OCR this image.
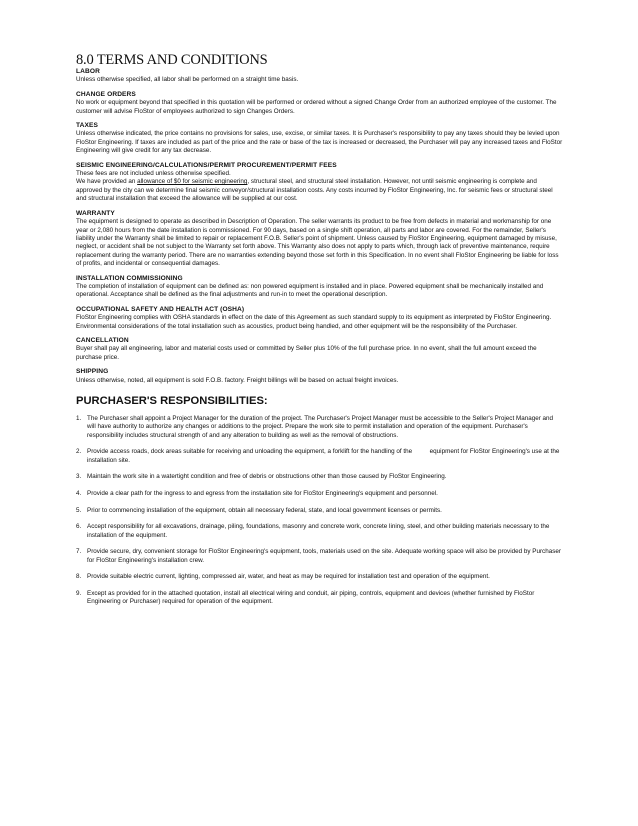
8.0 TERMS AND CONDITIONS

LABOR

Unless otherwise specified, all labor shall be performed on a straight time basis.

CHANGE ORDERS

No work or equipment beyond that specified in this quotation will be performed or ordered without a signed Change Order from an authorized employee of the customer. The customer will advise FloStor of employees authorized to sign Changes Orders.

TAXES

Unless otherwise indicated, the price contains no provisions for sales, use, excise, or similar taxes. It is Purchaser's responsibility to pay any taxes should they be levied upon FloStor Engineering. If taxes are included as part of the price and the rate or base of the tax is increased or decreased, the Purchaser will pay any increased taxes and FloStor Engineering will give credit for any tax decrease.

SEISMIC ENGINEERING/CALCULATIONS/PERMIT PROCUREMENT/PERMIT FEES

These fees are not included unless otherwise specified.
We have provided an allowance of $0 for seismic engineering, structural steel, and structural steel installation. However, not until seismic engineering is complete and approved by the city can we determine final seismic conveyor/structural installation costs. Any costs incurred by FloStor Engineering, Inc. for seismic fees or structural steel and structural installation that exceed the allowance will be supplied at our cost.

WARRANTY

The equipment is designed to operate as described in Description of Operation. The seller warrants its product to be free from defects in material and workmanship for one year or 2,080 hours from the date installation is commissioned. For 90 days, based on a single shift operation, all parts and labor are covered. For the remainder, Seller's liability under the Warranty shall be limited to repair or replacement F.O.B. Seller's point of shipment. Unless caused by FloStor Engineering, equipment damaged by misuse, neglect, or accident shall be not subject to the Warranty set forth above. This Warranty also does not apply to parts which, through lack of preventive maintenance, require replacement during the warranty period. There are no warranties extending beyond those set forth in this Specification. In no event shall FloStor Engineering be liable for loss of profits, and incidental or consequential damages.

INSTALLATION COMMISSIONING

The completion of installation of equipment can be defined as: non powered equipment is installed and in place. Powered equipment shall be mechanically installed and operational. Acceptance shall be defined as the final adjustments and run-in to meet the operational description.

OCCUPATIONAL SAFETY AND HEALTH ACT (OSHA)

FloStor Engineering complies with OSHA standards in effect on the date of this Agreement as such standard supply to its equipment as interpreted by FloStor Engineering. Environmental considerations of the total installation such as acoustics, product being handled, and other equipment will be the responsibility of the Purchaser.

CANCELLATION

Buyer shall pay all engineering, labor and material costs used or committed by Seller plus 10% of the full purchase price. In no event, shall the full amount exceed the purchase price.

SHIPPING

Unless otherwise, noted, all equipment is sold F.O.B. factory. Freight billings will be based on actual freight invoices.

PURCHASER'S RESPONSIBILITIES:
1. The Purchaser shall appoint a Project Manager for the duration of the project. The Purchaser's Project Manager must be accessible to the Seller's Project Manager and will have authority to authorize any changes or additions to the project. Prepare the work site to permit installation and operation of the equipment. Purchaser's responsibility includes structural strength of and any alteration to building as well as the removal of obstructions.
2. Provide access roads, dock areas suitable for receiving and unloading the equipment, a forklift for the handling of the          equipment for FloStor Engineering's use at the installation site.
3. Maintain the work site in a watertight condition and free of debris or obstructions other than those caused by FloStor Engineering.
4. Provide a clear path for the ingress to and egress from the installation site for FloStor Engineering's equipment and personnel.
5. Prior to commencing installation of the equipment, obtain all necessary federal, state, and local government licenses or permits.
6. Accept responsibility for all excavations, drainage, piling, foundations, masonry and concrete work, concrete lining, steel, and other building materials necessary to the installation of the equipment.
7. Provide secure, dry, convenient storage for FloStor Engineering's equipment, tools, materials used on the site. Adequate working space will also be provided by Purchaser for FloStor Engineering's installation crew.
8. Provide suitable electric current, lighting, compressed air, water, and heat as may be required for installation test and operation of the equipment.
9. Except as provided for in the attached quotation, install all electrical wiring and conduit, air piping, controls, equipment and devices (whether furnished by FloStor Engineering or Purchaser) required for operation of the equipment.
